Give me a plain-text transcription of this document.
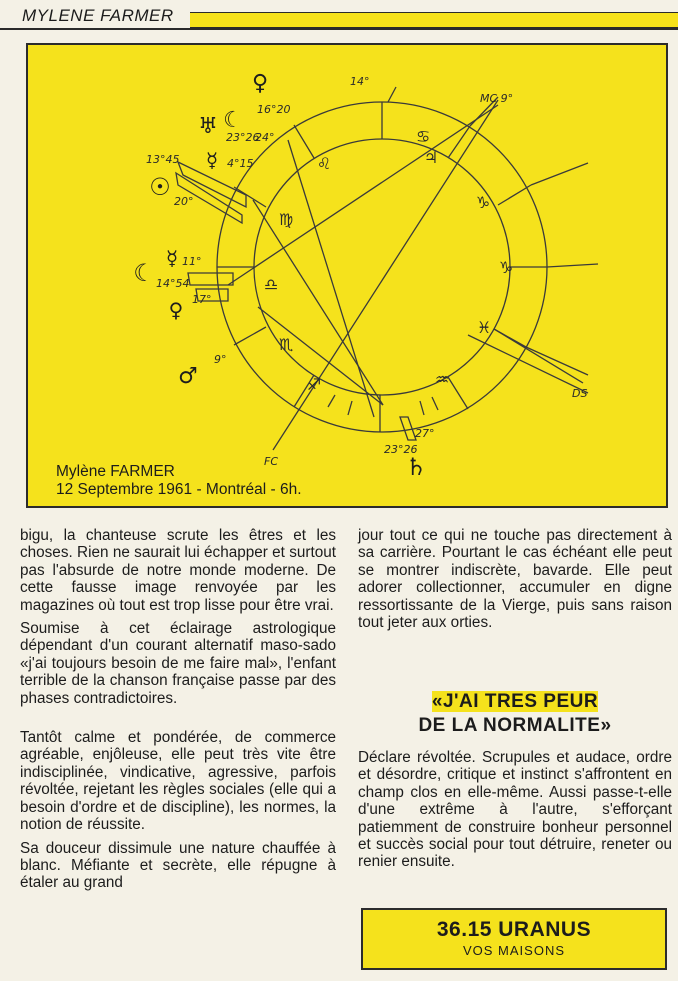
MYLENE FARMER
♌
♋
♍
♎
♏
♐
♃
♑
♑
♓
♒
♀
♅ ☾
☿
☉
☿
☾
♀
♂
♄
14°
MC 9°
16°20
24°
23°26
4°15
13°45
20°
11°
14°54
17°
9°
DS
27°
23°26
FC
Mylène FARMER
12 Septembre 1961 - Montréal - 6h.

bigu, la chanteuse scrute les êtres et les choses. Rien ne saurait lui échapper et surtout pas l'absurde de notre monde moderne. De cette fausse image renvoyée par les magazines où tout est trop lisse pour être vrai.

Soumise à cet éclairage astrologique dépendant d'un courant alternatif maso-sado «j'ai toujours besoin de me faire mal», l'enfant terrible de la chanson française passe par des phases contradictoires.

Tantôt calme et pondérée, de commerce agréable, enjôleuse, elle peut très vite être indisciplinée, vindicative, agressive, parfois révoltée, rejetant les règles sociales (elle qui a besoin d'ordre et de discipline), les normes, la notion de réussite.

Sa douceur dissimule une nature chauffée à blanc. Méfiante et secrète, elle répugne à étaler au grand

jour tout ce qui ne touche pas directement à sa carrière. Pourtant le cas échéant elle peut se montrer indiscrète, bavarde. Elle peut adorer collectionner, accumuler en digne ressortissante de la Vierge, puis sans raison tout jeter aux orties.

«J'AI TRES PEUR
DE LA NORMALITE»
Déclare révoltée. Scrupules et audace, ordre et désordre, critique et instinct s'affrontent en champ clos en elle-même. Aussi passe-t-elle d'une extrême à l'autre, s'efforçant patiemment de construire bonheur personnel et succès social pour tout détruire, reneter ou renier ensuite.
36.15 URANUS
VOS MAISONS
